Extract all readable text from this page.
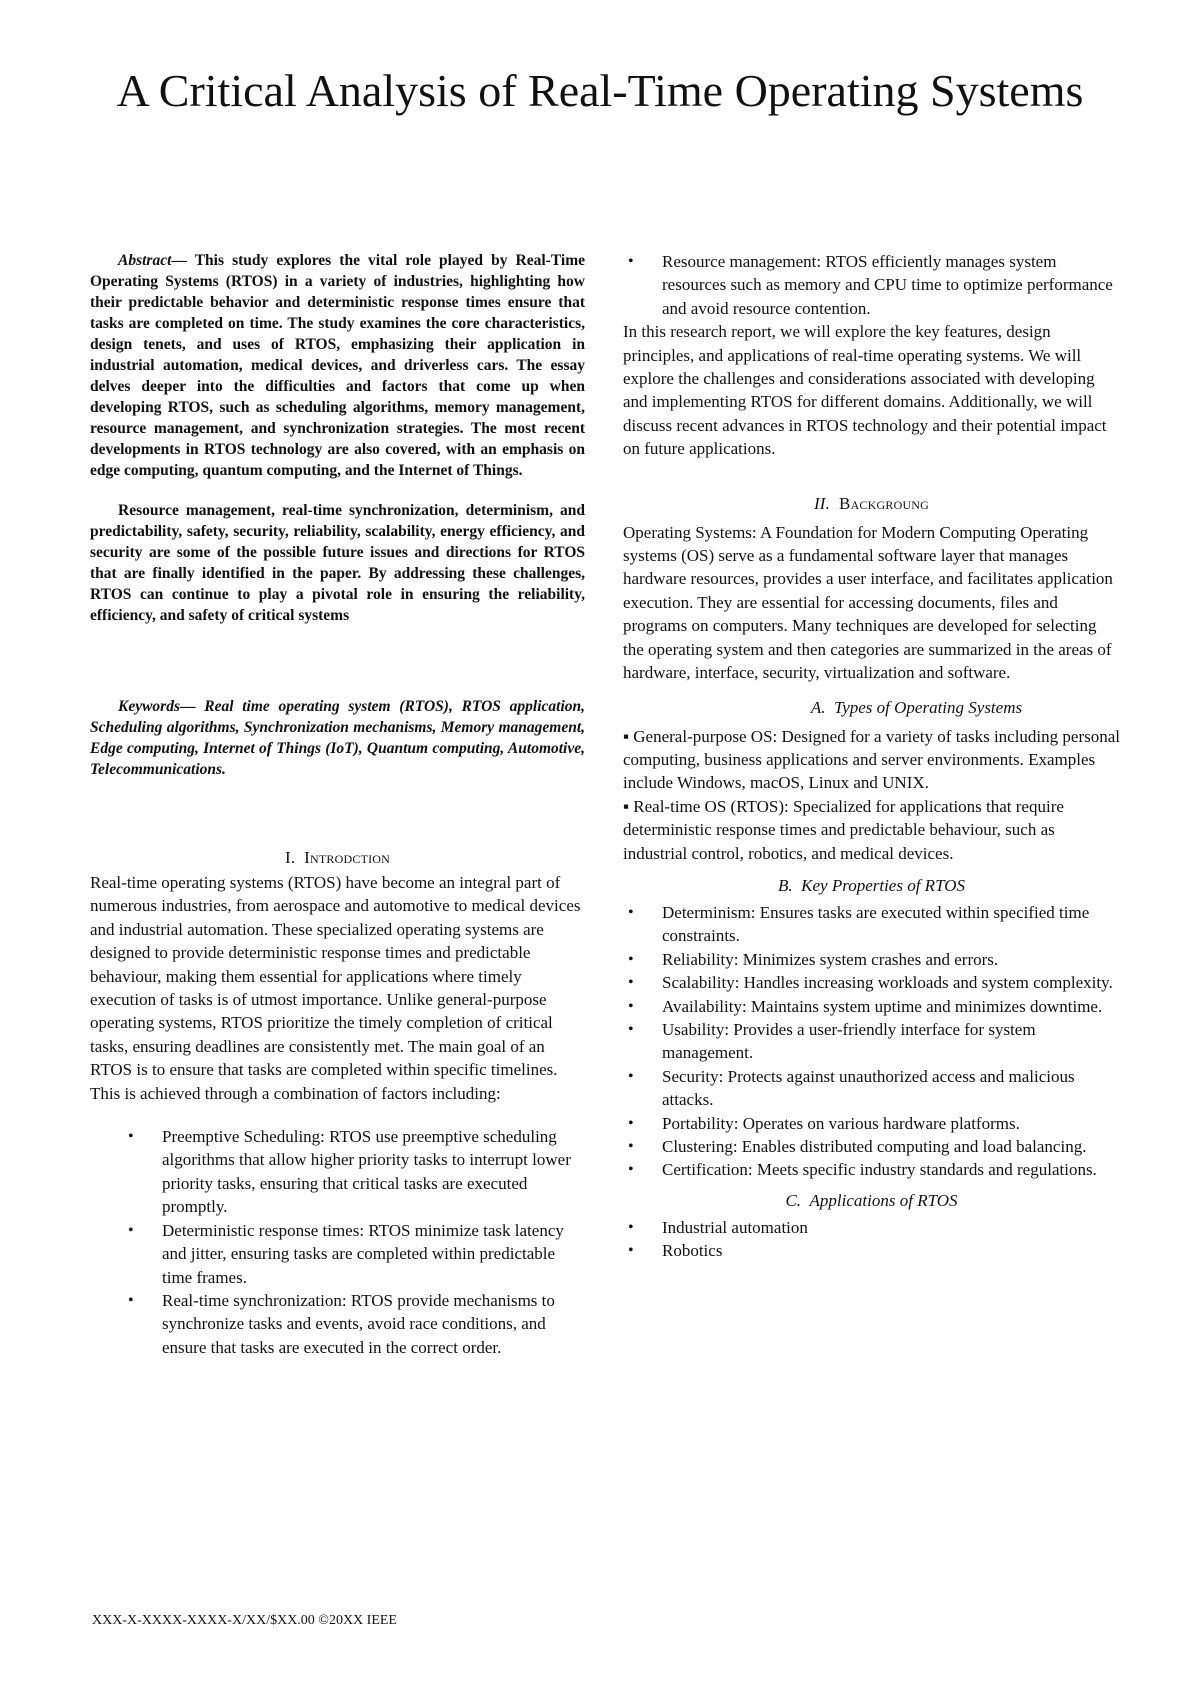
A Critical Analysis of Real-Time Operating Systems

Abstract— This study explores the vital role played by Real-Time Operating Systems (RTOS) in a variety of industries, highlighting how their predictable behavior and deterministic response times ensure that tasks are completed on time. The study examines the core characteristics, design tenets, and uses of RTOS, emphasizing their application in industrial automation, medical devices, and driverless cars. The essay delves deeper into the difficulties and factors that come up when developing RTOS, such as scheduling algorithms, memory management, resource management, and synchronization strategies. The most recent developments in RTOS technology are also covered, with an emphasis on edge computing, quantum computing, and the Internet of Things.

Resource management, real-time synchronization, determinism, and predictability, safety, security, reliability, scalability, energy efficiency, and security are some of the possible future issues and directions for RTOS that are finally identified in the paper. By addressing these challenges, RTOS can continue to play a pivotal role in ensuring the reliability, efficiency, and safety of critical systems

Keywords— Real time operating system (RTOS), RTOS application, Scheduling algorithms, Synchronization mechanisms, Memory management, Edge computing, Internet of Things (IoT), Quantum computing, Automotive, Telecommunications.

I. Introdction

Real-time operating systems (RTOS) have become an integral part of numerous industries, from aerospace and automotive to medical devices and industrial automation. These specialized operating systems are designed to provide deterministic response times and predictable behaviour, making them essential for applications where timely execution of tasks is of utmost importance. Unlike general-purpose operating systems, RTOS prioritize the timely completion of critical tasks, ensuring deadlines are consistently met. The main goal of an RTOS is to ensure that tasks are completed within specific timelines. This is achieved through a combination of factors including:

• Preemptive Scheduling: RTOS use preemptive scheduling algorithms that allow higher priority tasks to interrupt lower priority tasks, ensuring that critical tasks are executed promptly.
• Deterministic response times: RTOS minimize task latency and jitter, ensuring tasks are completed within predictable time frames.
• Real-time synchronization: RTOS provide mechanisms to synchronize tasks and events, avoid race conditions, and ensure that tasks are executed in the correct order.
• Resource management: RTOS efficiently manages system resources such as memory and CPU time to optimize performance and avoid resource contention.

In this research report, we will explore the key features, design principles, and applications of real-time operating systems. We will explore the challenges and considerations associated with developing and implementing RTOS for different domains. Additionally, we will discuss recent advances in RTOS technology and their potential impact on future applications.

II. Backgroung

Operating Systems: A Foundation for Modern Computing Operating systems (OS) serve as a fundamental software layer that manages hardware resources, provides a user interface, and facilitates application execution. They are essential for accessing documents, files and programs on computers. Many techniques are developed for selecting the operating system and then categories are summarized in the areas of hardware, interface, security, virtualization and software.

A. Types of Operating Systems

▪ General-purpose OS: Designed for a variety of tasks including personal computing, business applications and server environments. Examples include Windows, macOS, Linux and UNIX.

▪ Real-time OS (RTOS): Specialized for applications that require deterministic response times and predictable behaviour, such as industrial control, robotics, and medical devices.

B. Key Properties of RTOS

• Determinism: Ensures tasks are executed within specified time constraints.
• Reliability: Minimizes system crashes and errors.
• Scalability: Handles increasing workloads and system complexity.
• Availability: Maintains system uptime and minimizes downtime.
• Usability: Provides a user-friendly interface for system management.
• Security: Protects against unauthorized access and malicious attacks.
• Portability: Operates on various hardware platforms.
• Clustering: Enables distributed computing and load balancing.
• Certification: Meets specific industry standards and regulations.

C. Applications of RTOS

• Industrial automation
• Robotics
XXX-X-XXXX-XXXX-X/XX/$XX.00 ©20XX IEEE
